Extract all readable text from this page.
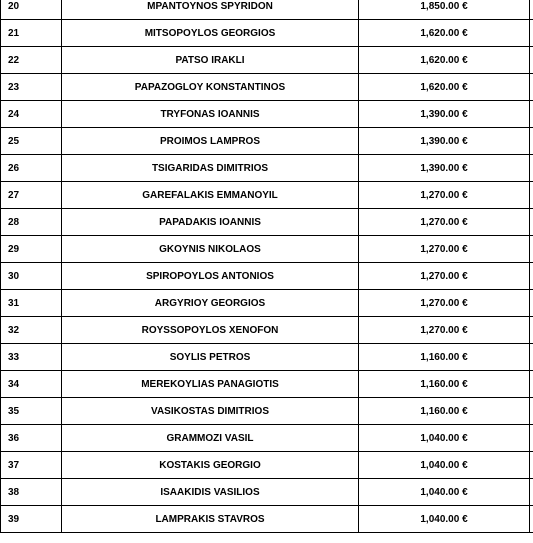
20	MPANTOYNOS SPYRIDON	1,850.00 €	
21	MITSOPOYLOS GEORGIOS	1,620.00 €	
22	PATSO IRAKLI	1,620.00 €	
23	PAPAZOGLOY KONSTANTINOS	1,620.00 €	
24	TRYFONAS IOANNIS	1,390.00 €	
25	PROIMOS LAMPROS	1,390.00 €	
26	TSIGARIDAS DIMITRIOS	1,390.00 €	
27	GAREFALAKIS EMMANOYIL	1,270.00 €	
28	PAPADAKIS IOANNIS	1,270.00 €	
29	GKOYNIS NIKOLAOS	1,270.00 €	
30	SPIROPOYLOS ANTONIOS	1,270.00 €	
31	ARGYRIOY GEORGIOS	1,270.00 €	
32	ROYSSOPOYLOS XENOFON	1,270.00 €	
33	SOYLIS PETROS	1,160.00 €	
34	MEREKOYLIAS PANAGIOTIS	1,160.00 €	
35	VASIKOSTAS DIMITRIOS	1,160.00 €	
36	GRAMMOZI VASIL	1,040.00 €	
37	KOSTAKIS GEORGIO	1,040.00 €	
38	ISAAKIDIS VASILIOS	1,040.00 €	
39	LAMPRAKIS STAVROS	1,040.00 €	
